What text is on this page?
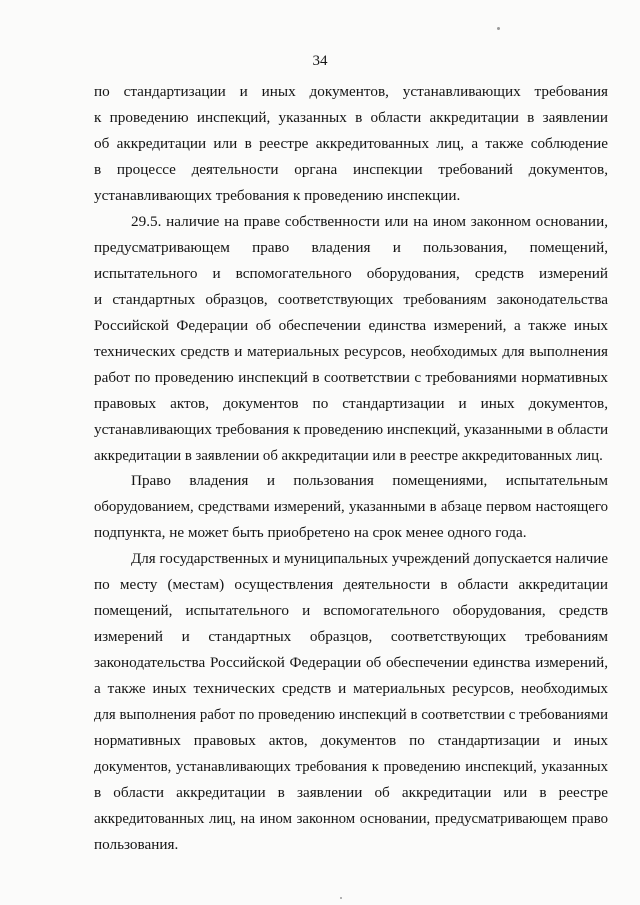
34
по стандартизации и иных документов, устанавливающих требования
к проведению инспекций, указанных в области аккредитации в заявлении
об аккредитации или в реестре аккредитованных лиц, а также соблюдение
в процессе деятельности органа инспекции требований документов,
устанавливающих требования к проведению инспекции.
29.5. наличие на праве собственности или на ином законном основании,
предусматривающем право владения и пользования, помещений,
испытательного и вспомогательного оборудования, средств измерений
и стандартных образцов, соответствующих требованиям законодательства
Российской Федерации об обеспечении единства измерений, а также иных
технических средств и материальных ресурсов, необходимых для выполнения
работ по проведению инспекций в соответствии с требованиями нормативных
правовых актов, документов по стандартизации и иных документов,
устанавливающих требования к проведению инспекций, указанными в области
аккредитации в заявлении об аккредитации или в реестре аккредитованных лиц.
Право владения и пользования помещениями, испытательным
оборудованием, средствами измерений, указанными в абзаце первом настоящего
подпункта, не может быть приобретено на срок менее одного года.
Для государственных и муниципальных учреждений допускается наличие
по месту (местам) осуществления деятельности в области аккредитации
помещений, испытательного и вспомогательного оборудования, средств
измерений и стандартных образцов, соответствующих требованиям
законодательства Российской Федерации об обеспечении единства измерений,
а также иных технических средств и материальных ресурсов, необходимых
для выполнения работ по проведению инспекций в соответствии с требованиями
нормативных правовых актов, документов по стандартизации и иных
документов, устанавливающих требования к проведению инспекций, указанных
в области аккредитации в заявлении об аккредитации или в реестре
аккредитованных лиц, на ином законном основании, предусматривающем право
пользования.
